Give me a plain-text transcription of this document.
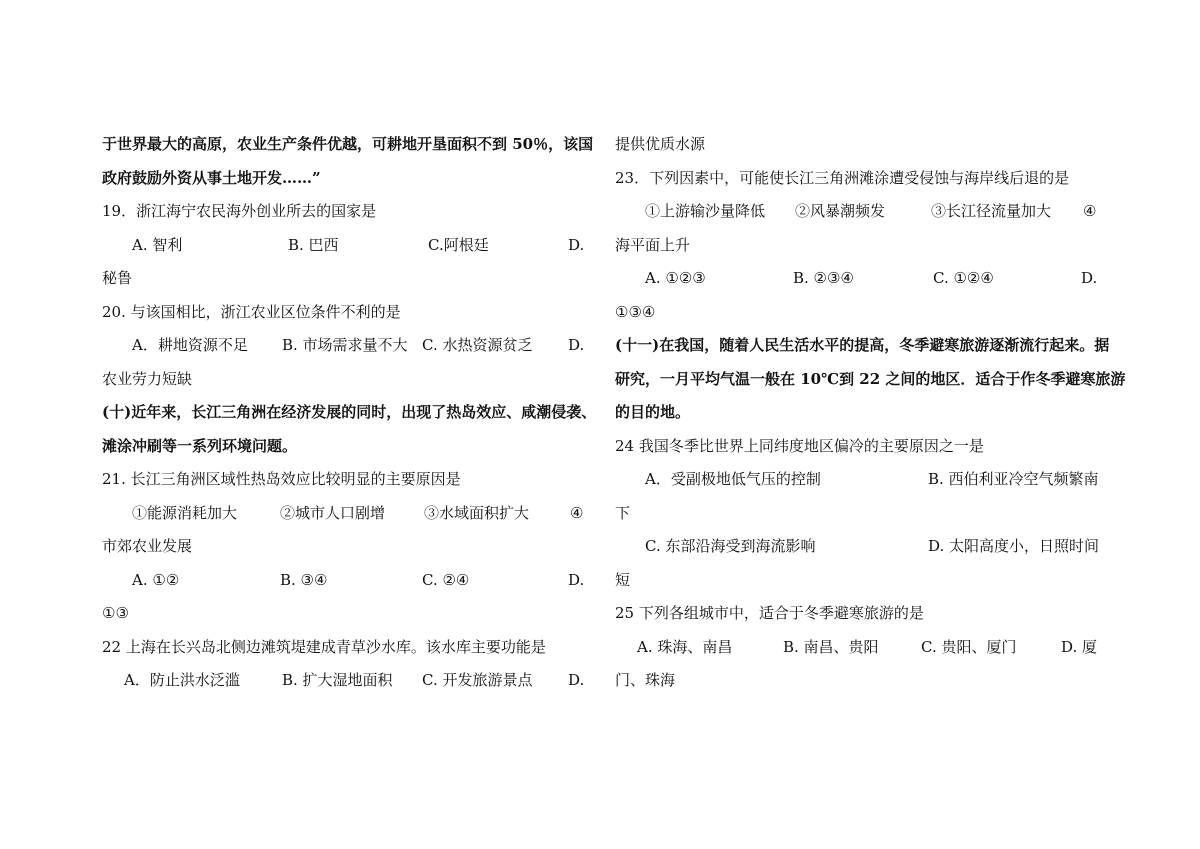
于世界最大的高原，农业生产条件优越，可耕地开垦面积不到 50％，该国
政府鼓励外资从事土地开发……”
19．浙江海宁农民海外创业所去的国家是
A. 智利	B. 巴西	C.阿根廷	D.
秘鲁
20. 与该国相比，浙江农业区位条件不利的是
A．耕地资源不足 B. 市场需求量不大 C. 水热资源贫乏 D.
农业劳力短缺
(十)近年来，长江三角洲在经济发展的同时，出现了热岛效应、咸潮侵袭、
滩涂冲刷等一系列环境问题。
21. 长江三角洲区域性热岛效应比较明显的主要原因是
①能源消耗加大	②城市人口剧增	③水域面积扩大	④
市郊农业发展
A. ①②	B. ③④	C. ②④	D.
①③
22 上海在长兴岛北侧边滩筑堤建成青草沙水库。该水库主要功能是
A．防止洪水泛滥	B. 扩大湿地面积 C. 开发旅游景点 D.
提供优质水源
23．下列因素中，可能使长江三角洲滩涂遭受侵蚀与海岸线后退的是
①上游输沙量降低 ②风暴潮频发	③长江径流量加大 ④
海平面上升
A. ①②③	B. ②③④	C. ①②④	D.
①③④
(十一)在我国，随着人民生活水平的提高，冬季避寒旅游逐渐流行起来。据
研究，一月平均气温一般在 10℃到 22 之间的地区．适合于作冬季避寒旅游
的目的地。
24 我国冬季比世界上同纬度地区偏冷的主要原因之一是
A．受副极地低气压的控制	B. 西伯利亚冷空气频繁南
下
C. 东部沿海受到海流影响	D. 太阳高度小，日照时间
短
25 下列各组城市中，适合于冬季避寒旅游的是
A. 珠海、南昌	B. 南昌、贵阳	C. 贵阳、厦门	D. 厦
门、珠海
